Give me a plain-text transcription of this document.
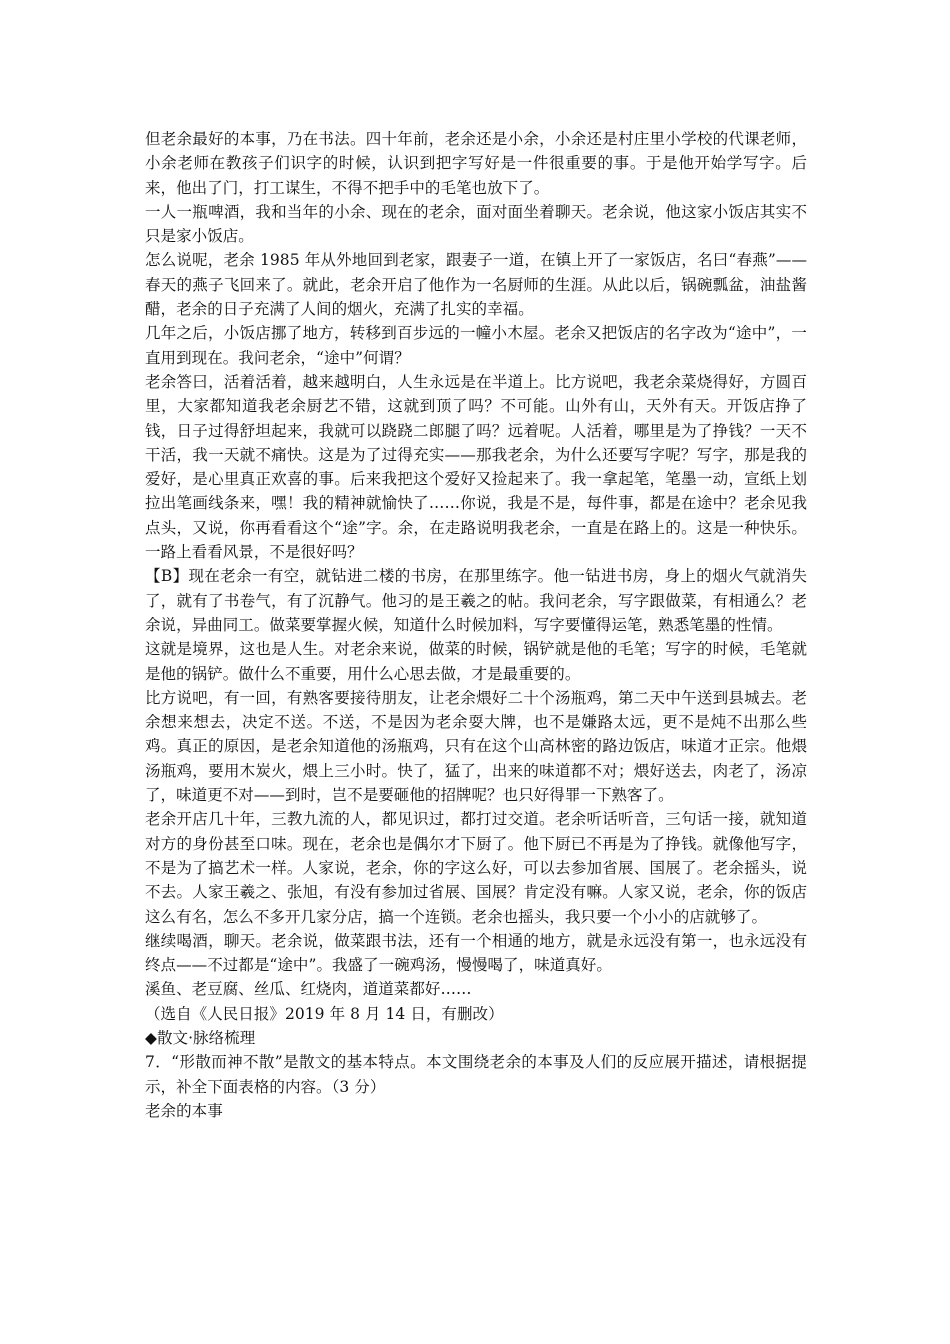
但老余最好的本事，乃在书法。四十年前，老余还是小余，小余还是村庄里小学校的代课老师，小余老师在教孩子们识字的时候，认识到把字写好是一件很重要的事。于是他开始学写字。后来，他出了门，打工谋生，不得不把手中的毛笔也放下了。

一人一瓶啤酒，我和当年的小余、现在的老余，面对面坐着聊天。老余说，他这家小饭店其实不只是家小饭店。

怎么说呢，老余 1985 年从外地回到老家，跟妻子一道，在镇上开了一家饭店，名曰“春燕”——春天的燕子飞回来了。就此，老余开启了他作为一名厨师的生涯。从此以后，锅碗瓢盆，油盐酱醋，老余的日子充满了人间的烟火，充满了扎实的幸福。

几年之后，小饭店挪了地方，转移到百步远的一幢小木屋。老余又把饭店的名字改为“途中”，一直用到现在。我问老余，“途中”何谓？

老余答曰，活着活着，越来越明白，人生永远是在半道上。比方说吧，我老余菜烧得好，方圆百里，大家都知道我老余厨艺不错，这就到顶了吗？不可能。山外有山，天外有天。开饭店挣了钱，日子过得舒坦起来，我就可以跷跷二郎腿了吗？远着呢。人活着，哪里是为了挣钱？一天不干活，我一天就不痛快。这是为了过得充实——那我老余，为什么还要写字呢？写字，那是我的爱好，是心里真正欢喜的事。后来我把这个爱好又捡起来了。我一拿起笔，笔墨一动，宣纸上划拉出笔画线条来，嘿！我的精神就愉快了……你说，我是不是，每件事，都是在途中？老余见我点头，又说，你再看看这个“途”字。余，在走路说明我老余，一直是在路上的。这是一种快乐。一路上看看风景，不是很好吗？

【B】现在老余一有空，就钻进二楼的书房，在那里练字。他一钻进书房，身上的烟火气就消失了，就有了书卷气，有了沉静气。他习的是王羲之的帖。我问老余，写字跟做菜，有相通么？老余说，异曲同工。做菜要掌握火候，知道什么时候加料，写字要懂得运笔，熟悉笔墨的性情。

这就是境界，这也是人生。对老余来说，做菜的时候，锅铲就是他的毛笔；写字的时候，毛笔就是他的锅铲。做什么不重要，用什么心思去做，才是最重要的。

比方说吧，有一回，有熟客要接待朋友，让老余煨好二十个汤瓶鸡，第二天中午送到县城去。老余想来想去，决定不送。不送，不是因为老余耍大牌，也不是嫌路太远，更不是炖不出那么些鸡。真正的原因，是老余知道他的汤瓶鸡，只有在这个山高林密的路边饭店，味道才正宗。他煨汤瓶鸡，要用木炭火，煨上三小时。快了，猛了，出来的味道都不对；煨好送去，肉老了，汤凉了，味道更不对——到时，岂不是要砸他的招牌呢？也只好得罪一下熟客了。

老余开店几十年，三教九流的人，都见识过，都打过交道。老余听话听音，三句话一接，就知道对方的身份甚至口味。现在，老余也是偶尔才下厨了。他下厨已不再是为了挣钱。就像他写字，不是为了搞艺术一样。人家说，老余，你的字这么好，可以去参加省展、国展了。老余摇头，说不去。人家王羲之、张旭，有没有参加过省展、国展？肯定没有嘛。人家又说，老余，你的饭店这么有名，怎么不多开几家分店，搞一个连锁。老余也摇头，我只要一个小小的店就够了。

继续喝酒，聊天。老余说，做菜跟书法，还有一个相通的地方，就是永远没有第一，也永远没有终点——不过都是“途中”。我盛了一碗鸡汤，慢慢喝了，味道真好。

溪鱼、老豆腐、丝瓜、红烧肉，道道菜都好……

（选自《人民日报》2019 年 8 月 14 日，有删改）

◆散文·脉络梳理

7．“形散而神不散”是散文的基本特点。本文围绕老余的本事及人们的反应展开描述，请根据提示，补全下面表格的内容。（3 分）

老余的本事
